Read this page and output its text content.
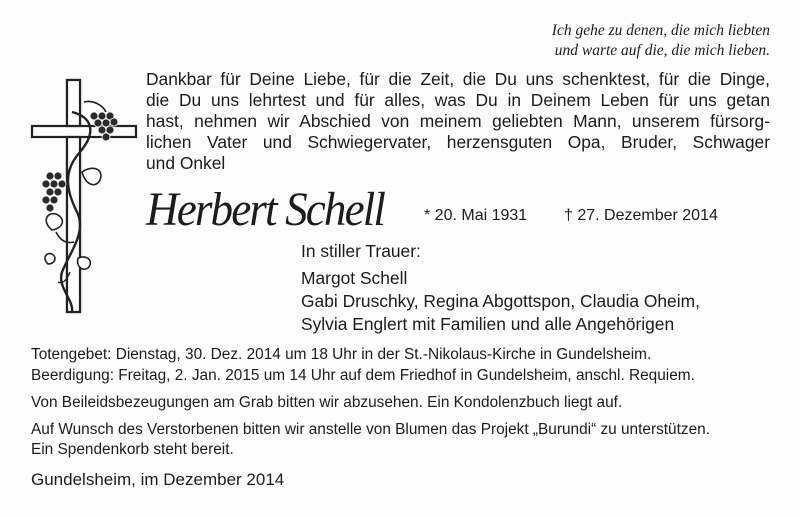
Ich gehe zu denen, die mich liebten
und warte auf die, die mich lieben.
Dankbar für Deine Liebe, für die Zeit, die Du uns schenktest, für die Dinge,
die Du uns lehrtest und für alles, was Du in Deinem Leben für uns getan
hast, nehmen wir Abschied von meinem geliebten Mann, unserem fürsorg-
lichen Vater und Schwiegervater, herzensguten Opa, Bruder, Schwager
und Onkel
Herbert Schell * 20. Mai 1931 † 27. Dezember 2014
In stiller Trauer:
Margot Schell
Gabi Druschky, Regina Abgottspon, Claudia Oheim,
Sylvia Englert mit Familien und alle Angehörigen
Totengebet: Dienstag, 30. Dez. 2014 um 18 Uhr in der St.-Nikolaus-Kirche in Gundelsheim.
Beerdigung: Freitag, 2. Jan. 2015 um 14 Uhr auf dem Friedhof in Gundelsheim, anschl. Requiem.
Von Beileidsbezeugungen am Grab bitten wir abzusehen. Ein Kondolenzbuch liegt auf.
Auf Wunsch des Verstorbenen bitten wir anstelle von Blumen das Projekt „Burundi“ zu unterstützen.
Ein Spendenkorb steht bereit.
Gundelsheim, im Dezember 2014
